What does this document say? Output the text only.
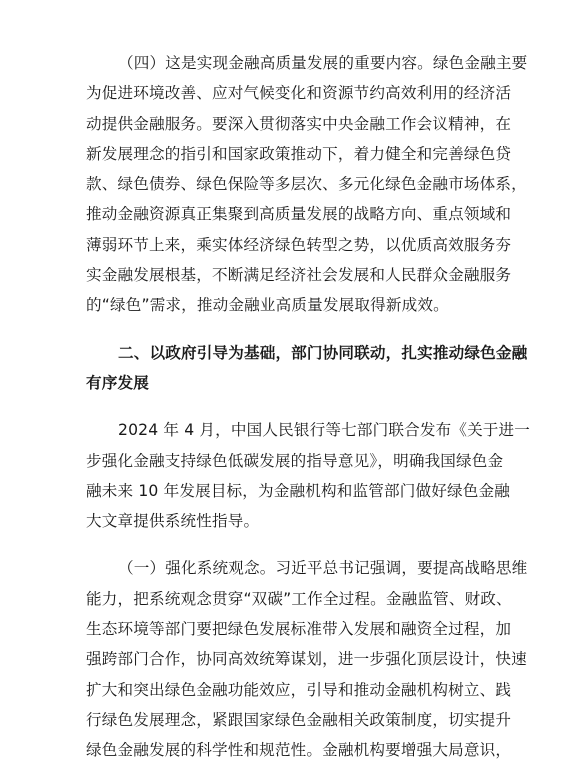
（四）这是实现金融高质量发展的重要内容。绿色金融主要
为促进环境改善、应对气候变化和资源节约高效利用的经济活
动提供金融服务。要深入贯彻落实中央金融工作会议精神，在
新发展理念的指引和国家政策推动下，着力健全和完善绿色贷
款、绿色债券、绿色保险等多层次、多元化绿色金融市场体系，
推动金融资源真正集聚到高质量发展的战略方向、重点领域和
薄弱环节上来，乘实体经济绿色转型之势，以优质高效服务夯
实金融发展根基，不断满足经济社会发展和人民群众金融服务
的“绿色”需求，推动金融业高质量发展取得新成效。

二、以政府引导为基础，部门协同联动，扎实推动绿色金融
有序发展

2024 年 4 月，中国人民银行等七部门联合发布《关于进一
步强化金融支持绿色低碳发展的指导意见》，明确我国绿色金
融未来 10 年发展目标，为金融机构和监管部门做好绿色金融
大文章提供系统性指导。

（一）强化系统观念。习近平总书记强调，要提高战略思维
能力，把系统观念贯穿“双碳”工作全过程。金融监管、财政、
生态环境等部门要把绿色发展标准带入发展和融资全过程，加
强跨部门合作，协同高效统筹谋划，进一步强化顶层设计，快速
扩大和突出绿色金融功能效应，引导和推动金融机构树立、践
行绿色发展理念，紧跟国家绿色金融相关政策制度，切实提升
绿色金融发展的科学性和规范性。金融机构要增强大局意识，
